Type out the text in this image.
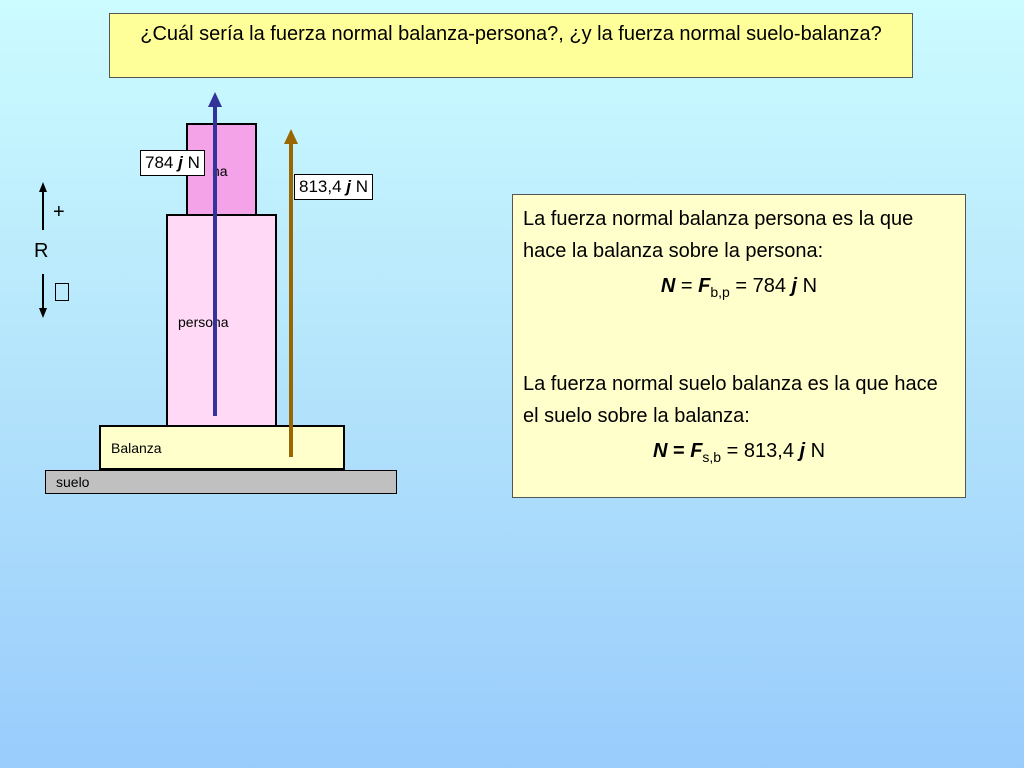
¿Cuál sería la fuerza normal balanza-persona?, ¿y la fuerza normal suelo-balanza?
suelo
Balanza
persona
na
784 j N
813,4 j N
+
R

La fuerza normal balanza persona es la que hace la balanza sobre la persona:

$N = F_{b,p} = 784$ j N

La fuerza normal suelo balanza es la que hace el suelo sobre la balanza:

$N = F_{s,b} = 813,4$ j N
